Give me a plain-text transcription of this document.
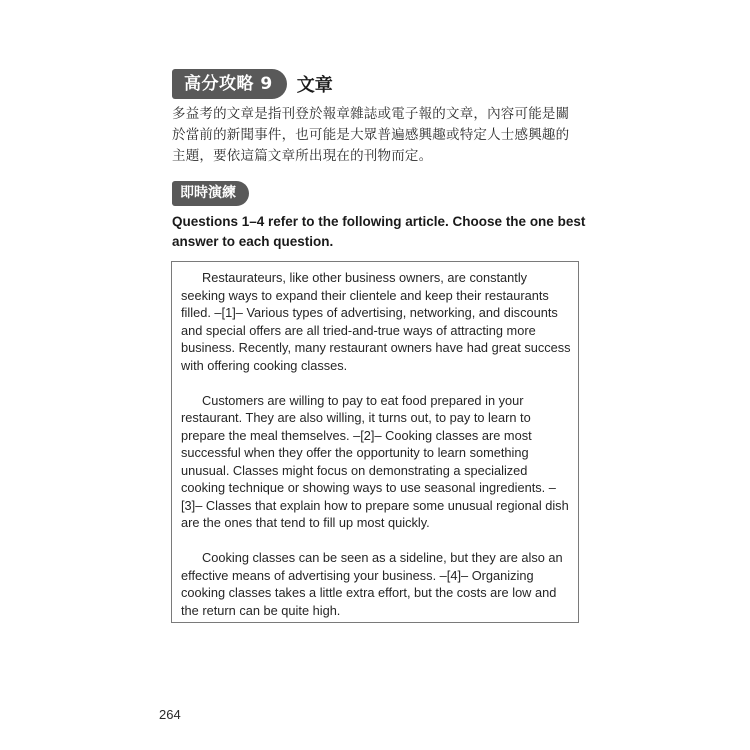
高分攻略 9	文章

多益考的文章是指刊登於報章雜誌或電子報的文章，內容可能是關於當前的新聞事件，也可能是大眾普遍感興趣或特定人士感興趣的主題，要依這篇文章所出現在的刊物而定。

即時演練

Questions 1–4 refer to the following article. Choose the one best answer to each question.

Restaurateurs, like other business owners, are constantly seeking ways to expand their clientele and keep their restaurants filled. –[1]– Various types of advertising, networking, and discounts and special offers are all tried-and-true ways of attracting more business. Recently, many restaurant owners have had great success with offering cooking classes.

Customers are willing to pay to eat food prepared in your restaurant. They are also willing, it turns out, to pay to learn to prepare the meal themselves. –[2]– Cooking classes are most successful when they offer the opportunity to learn something unusual. Classes might focus on demonstrating a specialized cooking technique or showing ways to use seasonal ingredients. –[3]– Classes that explain how to prepare some unusual regional dish are the ones that tend to fill up most quickly.

Cooking classes can be seen as a sideline, but they are also an effective means of advertising your business. –[4]– Organizing cooking classes takes a little extra effort, but the costs are low and the return can be quite high.

264
